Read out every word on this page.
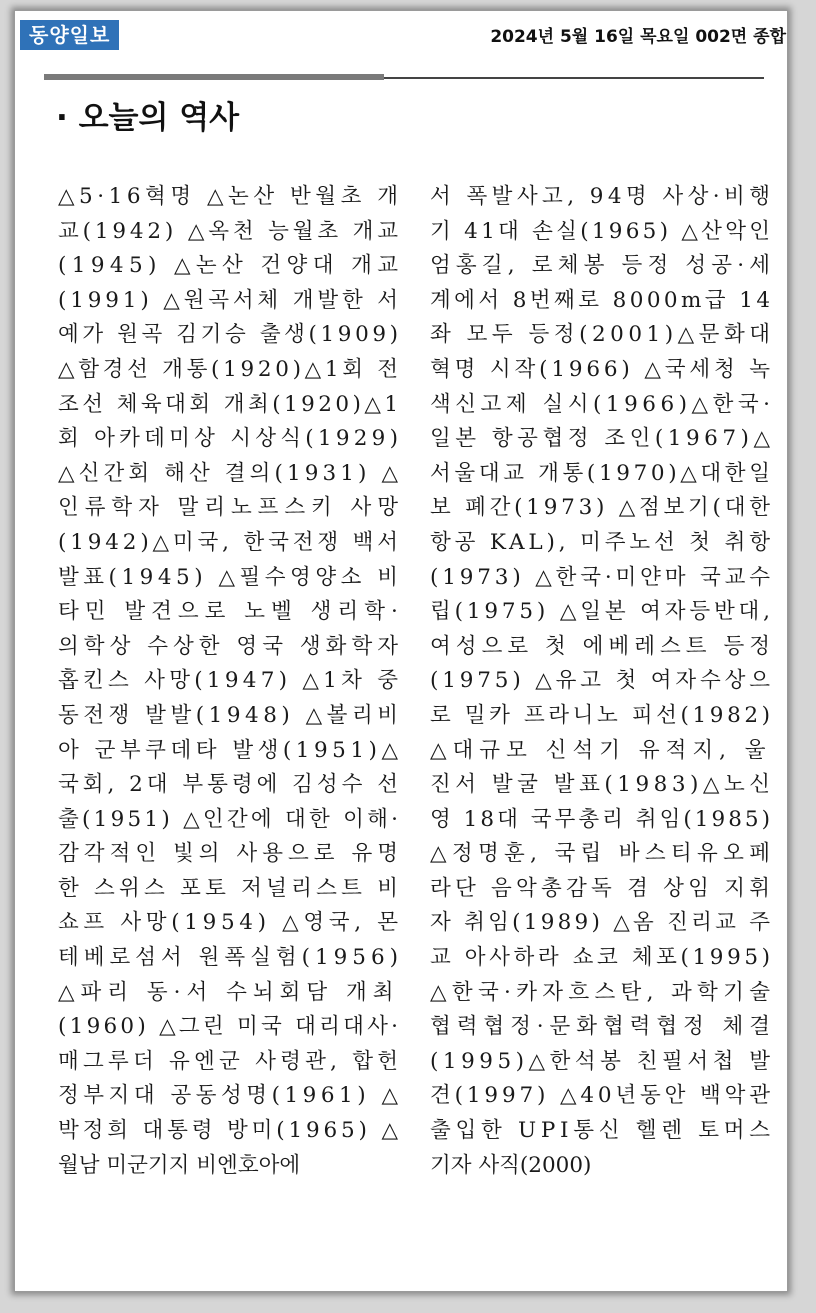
동양일보	2024년 5월 16일 목요일 002면 종합
· 오늘의 역사
△5·16혁명 △논산 반월초 개
교(1942) △옥천 능월초 개교
(1945) △논산 건양대 개교
(1991) △원곡서체 개발한 서
예가 원곡 김기승 출생(1909)
△함경선 개통(1920)△1회 전
조선 체육대회 개최(1920)△1
회 아카데미상 시상식(1929)
△신간회 해산 결의(1931) △
인류학자 말리노프스키 사망
(1942)△미국, 한국전쟁 백서
발표(1945) △필수영양소 비
타민 발견으로 노벨 생리학·
의학상 수상한 영국 생화학자
홉킨스 사망(1947) △1차 중
동전쟁 발발(1948) △볼리비
아 군부쿠데타 발생(1951)△
국회, 2대 부통령에 김성수 선
출(1951) △인간에 대한 이해·
감각적인 빛의 사용으로 유명
한 스위스 포토 저널리스트 비
쇼프 사망(1954) △영국, 몬
테베로섬서 원폭실험(1956)
△파리 동·서 수뇌회담 개최
(1960) △그린 미국 대리대사·
매그루더 유엔군 사령관, 합헌
정부지대 공동성명(1961) △
박정희 대통령 방미(1965) △
월남 미군기지 비엔호아에
서 폭발사고, 94명 사상·비행
기 41대 손실(1965) △산악인
엄홍길, 로체봉 등정 성공·세
계에서 8번째로 8000m급 14
좌 모두 등정(2001)△문화대
혁명 시작(1966) △국세청 녹
색신고제 실시(1966)△한국·
일본 항공협정 조인(1967)△
서울대교 개통(1970)△대한일
보 폐간(1973) △점보기(대한
항공 KAL), 미주노선 첫 취항
(1973) △한국·미얀마 국교수
립(1975) △일본 여자등반대,
여성으로 첫 에베레스트 등정
(1975) △유고 첫 여자수상으
로 밀카 프라니노 피선(1982)
△대규모 신석기 유적지, 울
진서 발굴 발표(1983)△노신
영 18대 국무총리 취임(1985)
△정명훈, 국립 바스티유오페
라단 음악총감독 겸 상임 지휘
자 취임(1989) △옴 진리교 주
교 아사하라 쇼코 체포(1995)
△한국·카자흐스탄, 과학기술
협력협정·문화협력협정 체결
(1995)△한석봉 친필서첩 발
견(1997) △40년동안 백악관
출입한 UPI통신 헬렌 토머스
기자 사직(2000)
